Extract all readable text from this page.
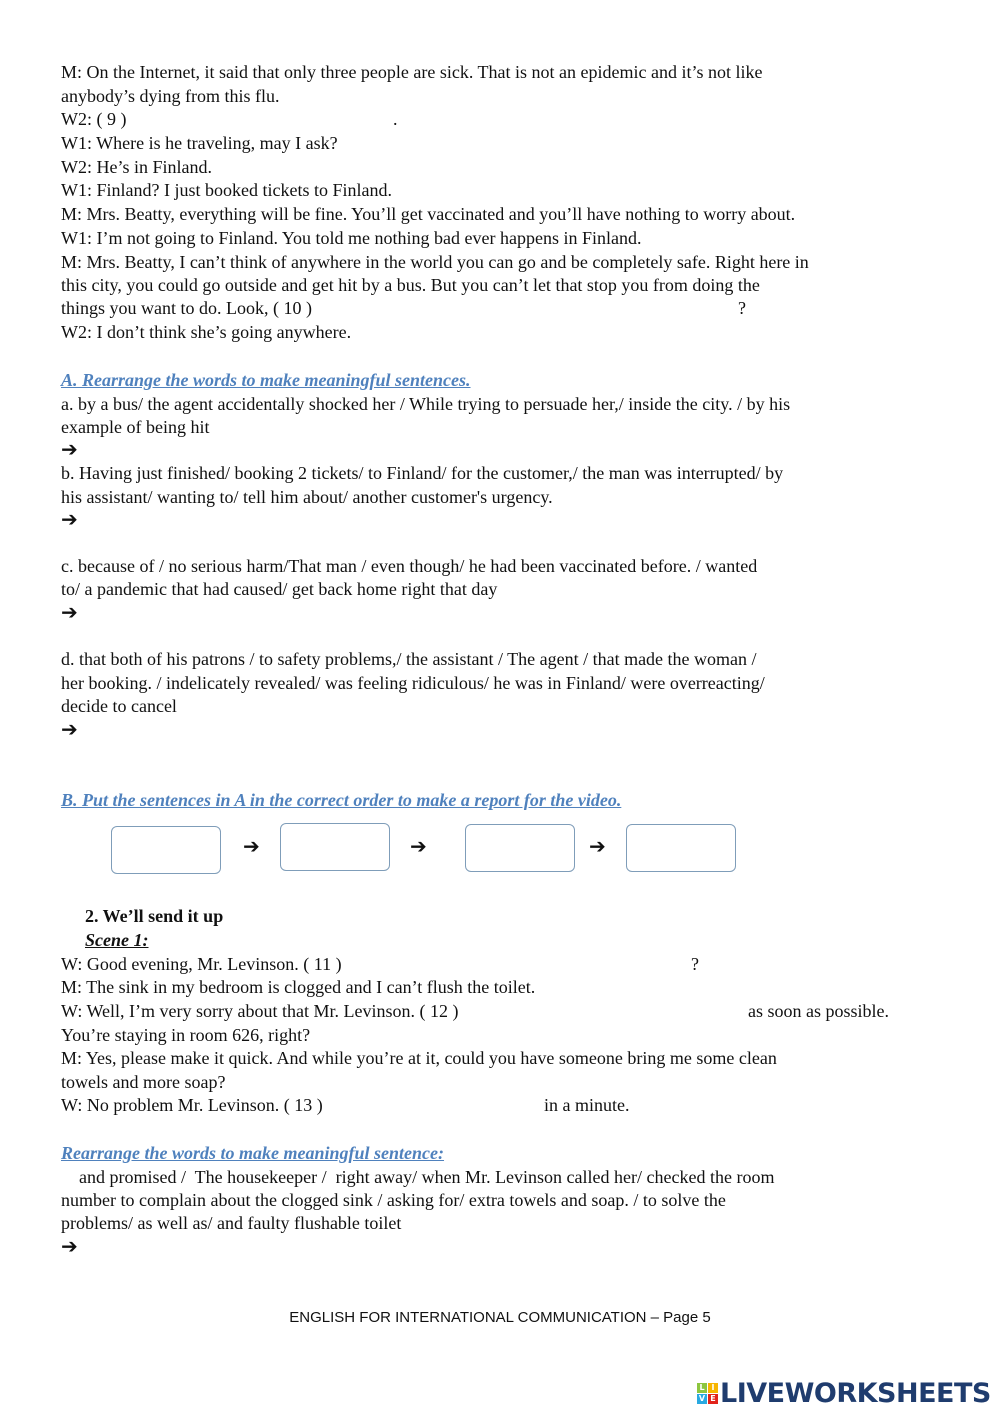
M: On the Internet, it said that only three people are sick. That is not an epidemic and it’s not like
anybody’s dying from this flu.
W2: ( 9 )	.
W1: Where is he traveling, may I ask?
W2: He’s in Finland.
W1: Finland? I just booked tickets to Finland.
M: Mrs. Beatty, everything will be fine. You’ll get vaccinated and you’ll have nothing to worry about.
W1: I’m not going to Finland. You told me nothing bad ever happens in Finland.
M: Mrs. Beatty, I can’t think of anywhere in the world you can go and be completely safe. Right here in
this city, you could go outside and get hit by a bus. But you can’t let that stop you from doing the
things you want to do. Look, ( 10 )	?
W2: I don’t think she’s going anywhere.
A. Rearrange the words to make meaningful sentences.
a. by a bus/ the agent accidentally shocked her / While trying to persuade her,/ inside the city. / by his
example of being hit
➔
b. Having just finished/ booking 2 tickets/ to Finland/ for the customer,/ the man was interrupted/ by
his assistant/ wanting to/ tell him about/ another customer's urgency.
➔
c. because of / no serious harm/That man / even though/ he had been vaccinated before. / wanted
to/ a pandemic that had caused/ get back home right that day
➔
d. that both of his patrons / to safety problems,/ the assistant / The agent / that made the woman /
her booking. / indelicately revealed/ was feeling ridiculous/ he was in Finland/ were overreacting/
decide to cancel
➔
B. Put the sentences in A in the correct order to make a report for the video.
➔	➔	➔
2. We’ll send it up
Scene 1:
W: Good evening, Mr. Levinson. ( 11 )	?
M: The sink in my bedroom is clogged and I can’t flush the toilet.
W: Well, I’m very sorry about that Mr. Levinson. ( 12 )	as soon as possible.
You’re staying in room 626, right?
M: Yes, please make it quick. And while you’re at it, could you have someone bring me some clean
towels and more soap?
W: No problem Mr. Levinson. ( 13 )	in a minute.
Rearrange the words to make meaningful sentence:
and promised /  The housekeeper /  right away/ when Mr. Levinson called her/ checked the room
number to complain about the clogged sink / asking for/ extra towels and soap. / to solve the
problems/ as well as/ and faulty flushable toilet
➔
ENGLISH FOR INTERNATIONAL COMMUNICATION – Page 5
L I
V E LIVEWORKSHEETS
